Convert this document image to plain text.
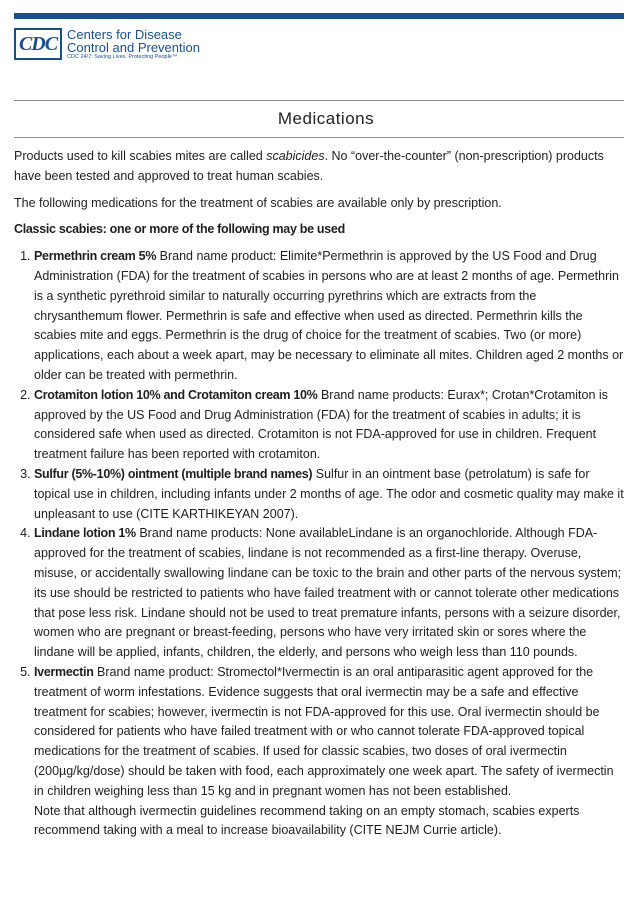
CDC Centers for Disease
Control and Prevention
CDC 24/7: Saving Lives. Protecting People™
Medications

Products used to kill scabies mites are called scabicides. No “over-the-counter” (non-prescription) products have been tested and approved to treat human scabies.

The following medications for the treatment of scabies are available only by prescription.

Classic scabies: one or more of the following may be used

1. Permethrin cream 5% Brand name product: Elimite*Permethrin is approved by the US Food and Drug Administration (FDA) for the treatment of scabies in persons who are at least 2 months of age. Permethrin is a synthetic pyrethroid similar to naturally occurring pyrethrins which are extracts from the chrysanthemum flower. Permethrin is safe and effective when used as directed. Permethrin kills the scabies mite and eggs. Permethrin is the drug of choice for the treatment of scabies. Two (or more) applications, each about a week apart, may be necessary to eliminate all mites. Children aged 2 months or older can be treated with permethrin.
2. Crotamiton lotion 10% and Crotamiton cream 10% Brand name products: Eurax*; Crotan*Crotamiton is approved by the US Food and Drug Administration (FDA) for the treatment of scabies in adults; it is considered safe when used as directed. Crotamiton is not FDA-approved for use in children. Frequent treatment failure has been reported with crotamiton.
3. Sulfur (5%-10%) ointment (multiple brand names) Sulfur in an ointment base (petrolatum) is safe for topical use in children, including infants under 2 months of age. The odor and cosmetic quality may make it unpleasant to use (CITE KARTHIKEYAN 2007).
4. Lindane lotion 1% Brand name products: None availableLindane is an organochloride. Although FDA-approved for the treatment of scabies, lindane is not recommended as a first-line therapy. Overuse, misuse, or accidentally swallowing lindane can be toxic to the brain and other parts of the nervous system; its use should be restricted to patients who have failed treatment with or cannot tolerate other medications that pose less risk. Lindane should not be used to treat premature infants, persons with a seizure disorder, women who are pregnant or breast-feeding, persons who have very irritated skin or sores where the lindane will be applied, infants, children, the elderly, and persons who weigh less than 110 pounds.
5. Ivermectin Brand name product: Stromectol*Ivermectin is an oral antiparasitic agent approved for the treatment of worm infestations. Evidence suggests that oral ivermectin may be a safe and effective treatment for scabies; however, ivermectin is not FDA-approved for this use. Oral ivermectin should be considered for patients who have failed treatment with or who cannot tolerate FDA-approved topical medications for the treatment of scabies. If used for classic scabies, two doses of oral ivermectin (200µg/kg/dose) should be taken with food, each approximately one week apart. The safety of ivermectin in children weighing less than 15 kg and in pregnant women has not been established.
Note that although ivermectin guidelines recommend taking on an empty stomach, scabies experts recommend taking with a meal to increase bioavailability (CITE NEJM Currie article).
